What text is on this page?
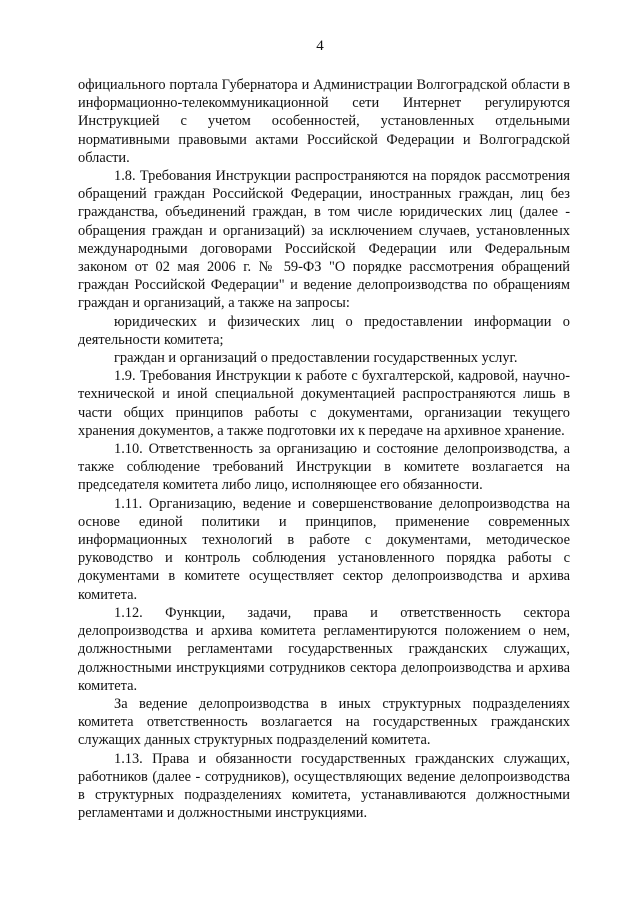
4

официального портала Губернатора и Администрации Волгоградской области в информационно-телекоммуникационной сети Интернет регулируются Инструкцией с учетом особенностей, установленных отдельными нормативными правовыми актами Российской Федерации и Волгоградской области.

1.8. Требования Инструкции распространяются на порядок рассмотрения обращений граждан Российской Федерации, иностранных граждан, лиц без гражданства, объединений граждан, в том числе юридических лиц (далее - обращения граждан и организаций) за исключением случаев, установленных международными договорами Российской Федерации или Федеральным законом от 02 мая 2006 г. № 59-ФЗ "О порядке рассмотрения обращений граждан Российской Федерации" и ведение делопроизводства по обращениям граждан и организаций, а также на запросы:

юридических и физических лиц о предоставлении информации о деятельности комитета;

граждан и организаций о предоставлении государственных услуг.

1.9. Требования Инструкции к работе с бухгалтерской, кадровой, научно-технической и иной специальной документацией распространяются лишь в части общих принципов работы с документами, организации текущего хранения документов, а также подготовки их к передаче на архивное хранение.

1.10. Ответственность за организацию и состояние делопроизводства, а также соблюдение требований Инструкции в комитете возлагается на председателя комитета либо лицо, исполняющее его обязанности.

1.11. Организацию, ведение и совершенствование делопроизводства на основе единой политики и принципов, применение современных информационных технологий в работе с документами, методическое руководство и контроль соблюдения установленного порядка работы с документами в комитете осуществляет сектор делопроизводства и архива комитета.

1.12. Функции, задачи, права и ответственность сектора делопроизводства и архива комитета регламентируются положением о нем, должностными регламентами государственных гражданских служащих, должностными инструкциями сотрудников сектора делопроизводства и архива комитета.

За ведение делопроизводства в иных структурных подразделениях комитета ответственность возлагается на государственных гражданских служащих данных структурных подразделений комитета.

1.13. Права и обязанности государственных гражданских служащих, работников (далее - сотрудников), осуществляющих ведение делопроизводства в структурных подразделениях комитета, устанавливаются должностными регламентами и должностными инструкциями.
